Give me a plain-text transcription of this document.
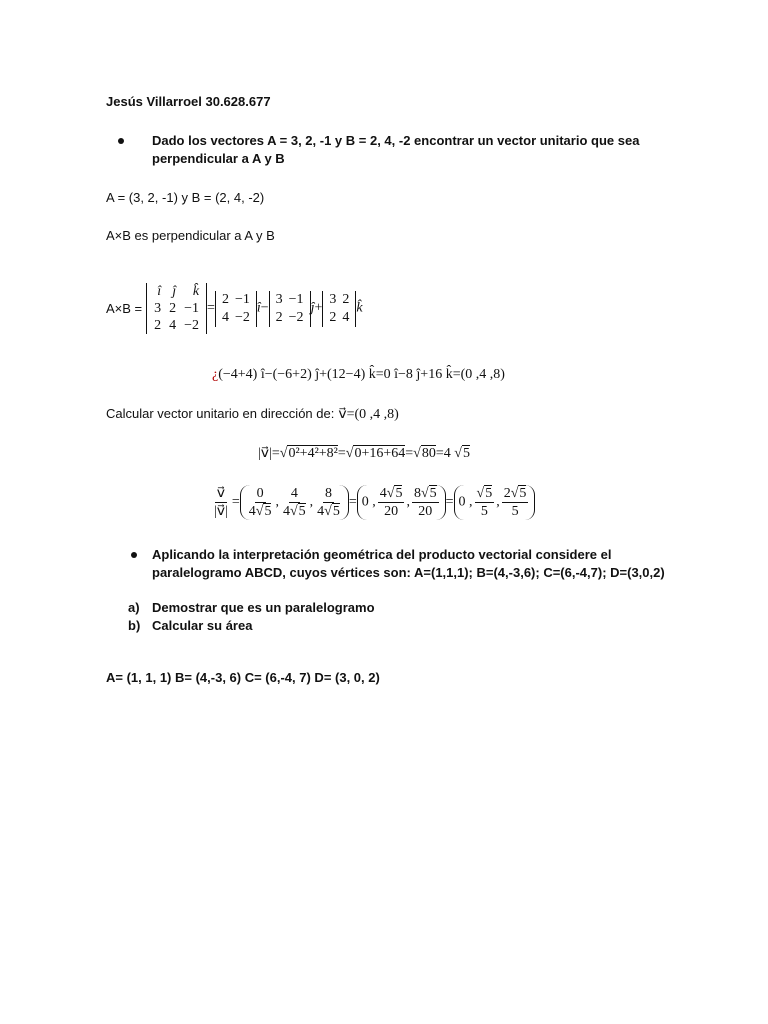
Jesús Villarroel 30.628.677
Dado los vectores A = 3, 2, -1 y B = 2, 4, -2 encontrar un vector unitario que sea
perpendicular a A y B
A = (3, 2, -1) y B = (2, 4, -2)
A×B es perpendicular a A y B
A×B =
î	ĵ	k̂
3	2	−1
2	4	−2
=
2	−1
4	−2
î−
3	−1
2	−2
ĵ+
3	2
2	4
k̂
¿(−4+4) î−(−6+2) ĵ+(12−4) k̂=0 î−8 ĵ+16 k̂=(0 ,4 ,8)
Calcular vector unitario en dirección de: v⃗=(0 ,4 ,8)
|v⃗|=√0²+4²+8²=√0+16+64=√80=4 √5
$\frac{v⃗}{|v⃗|} = \frac{0}{4√5}$ , $\frac{4}{4√5}$ , $\frac{8}{4√5} = 0$ , $\frac{4√5}{20}$ , $\frac{8√5}{20} = 0$ , $\frac{√5}{5}$ , $\frac{2√5}{5}$
Aplicando la interpretación geométrica del producto vectorial considere el
paralelogramo ABCD, cuyos vértices son: A=(1,1,1); B=(4,-3,6); C=(6,-4,7); D=(3,0,2)
a) Demostrar que es un paralelogramo
b) Calcular su área
A= (1, 1, 1) B= (4,-3, 6) C= (6,-4, 7) D= (3, 0, 2)
